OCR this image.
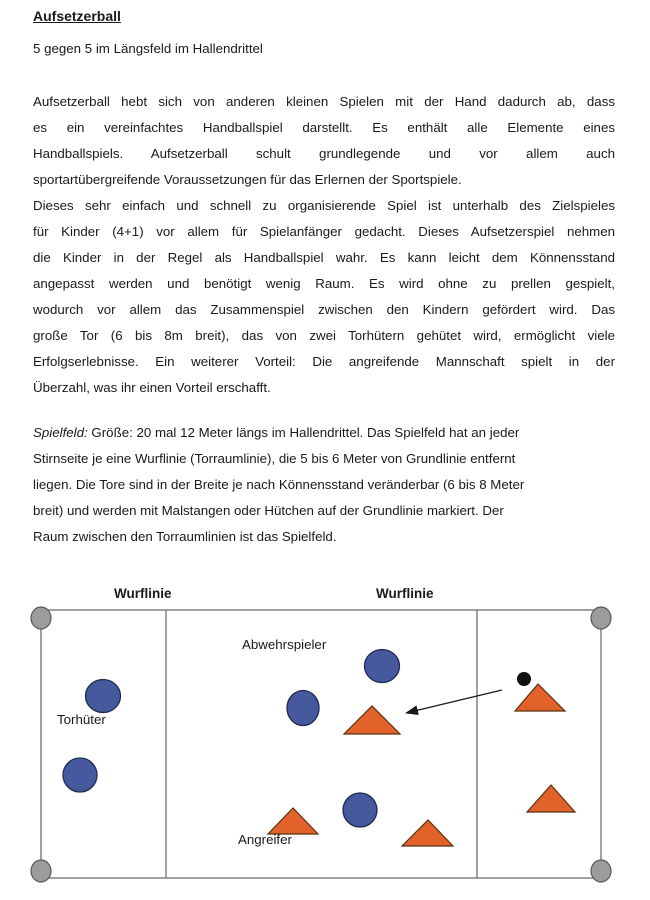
Aufsetzerball
5 gegen 5 im Längsfeld im Hallendrittel
Aufsetzerball hebt sich von anderen kleinen Spielen mit der Hand dadurch ab, dass
es ein vereinfachtes Handballspiel darstellt. Es enthält alle Elemente eines
Handballspiels. Aufsetzerball schult grundlegende und vor allem auch
sportartübergreifende Voraussetzungen für das Erlernen der Sportspiele.
Dieses sehr einfach und schnell zu organisierende Spiel ist unterhalb des Zielspieles
für Kinder (4+1) vor allem für Spielanfänger gedacht. Dieses Aufsetzerspiel nehmen
die Kinder in der Regel als Handballspiel wahr. Es kann leicht dem Könnensstand
angepasst werden und benötigt wenig Raum. Es wird ohne zu prellen gespielt,
wodurch vor allem das Zusammenspiel zwischen den Kindern gefördert wird. Das
große Tor (6 bis 8m breit), das von zwei Torhütern gehütet wird, ermöglicht viele
Erfolgserlebnisse. Ein weiterer Vorteil: Die angreifende Mannschaft spielt in der
Überzahl, was ihr einen Vorteil erschafft.
Spielfeld: Größe: 20 mal 12 Meter längs im Hallendrittel. Das Spielfeld hat an jeder
Stirnseite je eine Wurflinie (Torraumlinie), die 5 bis 6 Meter von Grundlinie entfernt
liegen. Die Tore sind in der Breite je nach Könnensstand veränderbar (6 bis 8 Meter
breit) und werden mit Malstangen oder Hütchen auf der Grundlinie markiert. Der
Raum zwischen den Torraumlinien ist das Spielfeld.
Wurflinie	Wurflinie
Abwehrspieler
Torhüter
Angreifer
